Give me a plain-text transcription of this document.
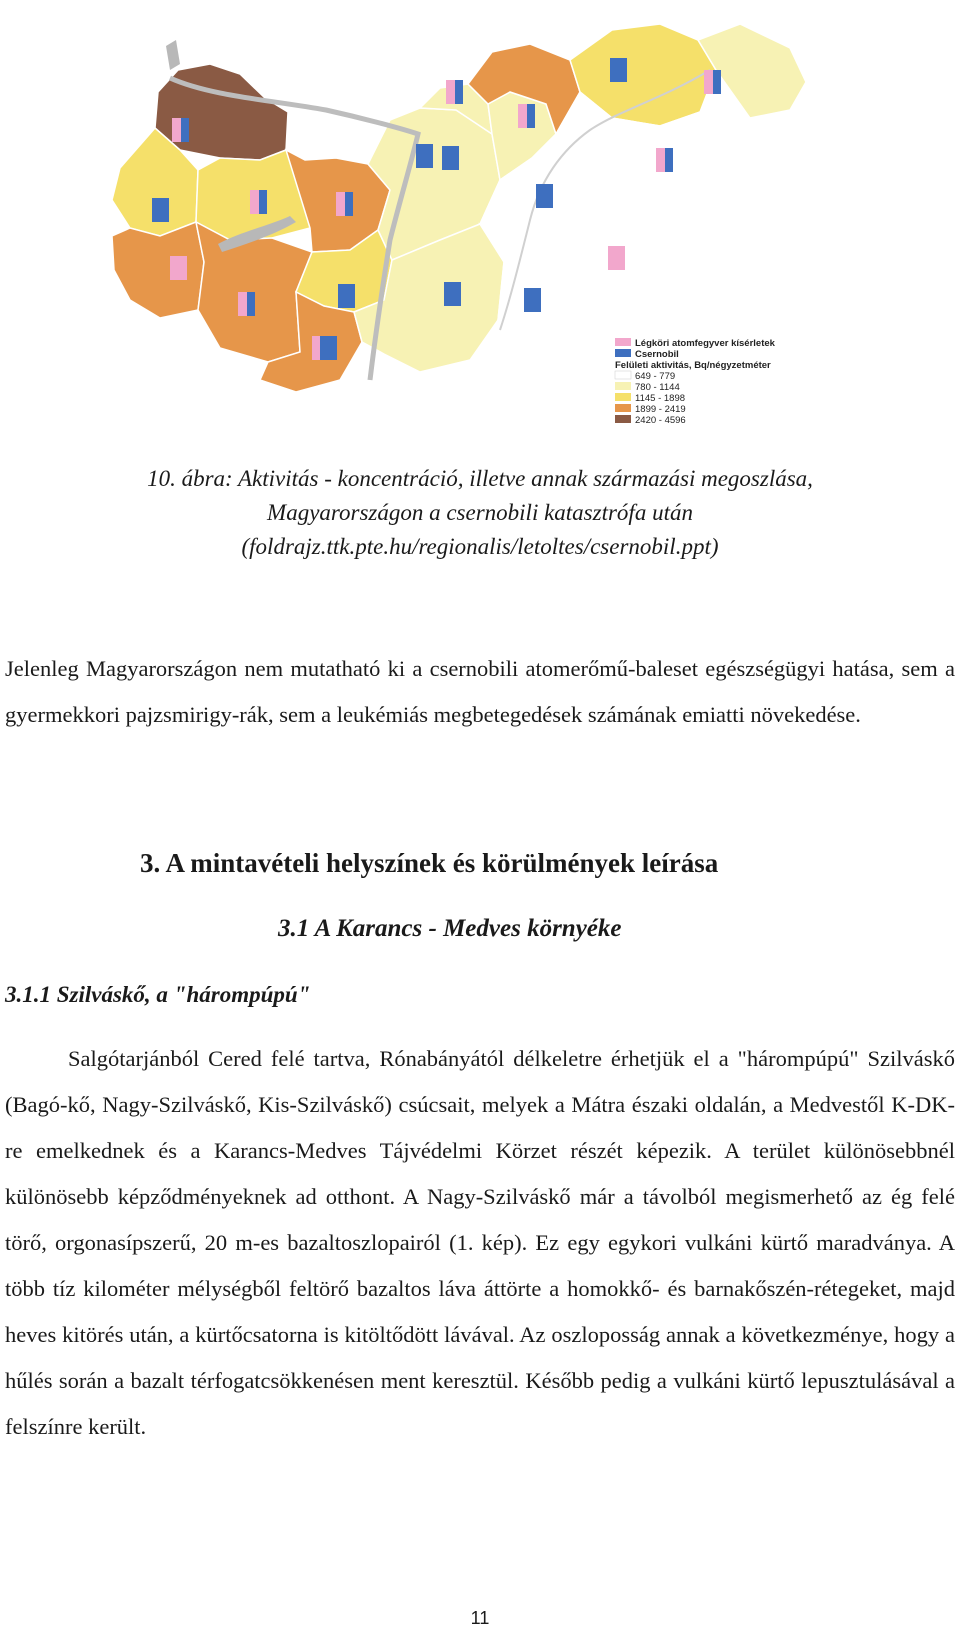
Légköri atomfegyver kísérletek
Csernobil
Felületi aktivitás, Bq/négyzetméter
649 - 779
780 - 1144
1145 - 1898
1899 - 2419
2420 - 4596
10. ábra: Aktivitás - koncentráció, illetve annak származási megoszlása,
Magyarországon a csernobili katasztrófa után
(foldrajz.ttk.pte.hu/regionalis/letoltes/csernobil.ppt)

Jelenleg Magyarországon nem mutatható ki a csernobili atomerőmű-baleset egészségügyi hatása, sem a gyermekkori pajzsmirigy-rák, sem a leukémiás megbetegedések számának emiatti növekedése.

3. A mintavételi helyszínek és körülmények leírása
3.1 A Karancs - Medves környéke
3.1.1 Szilváskő, a "hárompúpú"

Salgótarjánból Cered felé tartva, Rónabányától délkeletre érhetjük el a "hárompúpú" Szilváskő (Bagó-kő, Nagy-Szilváskő, Kis-Szilváskő) csúcsait, melyek a Mátra északi oldalán, a Medvestől K-DK-re emelkednek és a Karancs-Medves Tájvédelmi Körzet részét képezik. A terület különösebbnél különösebb képződményeknek ad otthont. A Nagy-Szilváskő már a távolból megismerhető az ég felé törő, orgonasípszerű, 20 m-es bazaltoszlopairól (1. kép). Ez egy egykori vulkáni kürtő maradványa. A több tíz kilométer mélységből feltörő bazaltos láva áttörte a homokkő- és barnakőszén-rétegeket, majd heves kitörés után, a kürtőcsatorna is kitöltődött lávával. Az oszloposság annak a következménye, hogy a hűlés során a bazalt térfogatcsökkenésen ment keresztül. Később pedig a vulkáni kürtő lepusztulásával a felszínre került.

11
